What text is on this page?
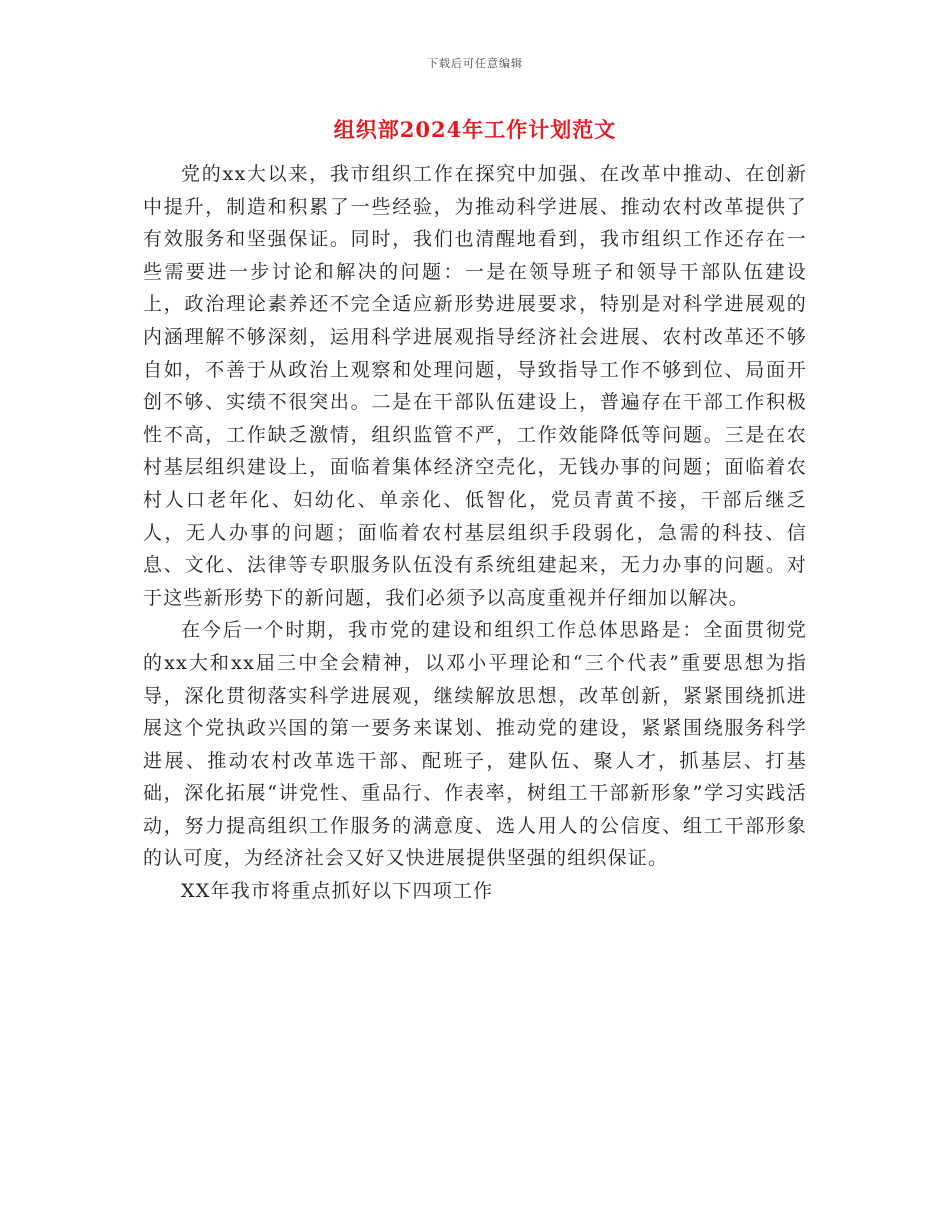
下载后可任意编辑
组织部2024年工作计划范文

党的xx大以来，我市组织工作在探究中加强、在改革中推动、在创新中提升，制造和积累了一些经验，为推动科学进展、推动农村改革提供了有效服务和坚强保证。同时，我们也清醒地看到，我市组织工作还存在一些需要进一步讨论和解决的问题：一是在领导班子和领导干部队伍建设上，政治理论素养还不完全适应新形势进展要求，特别是对科学进展观的内涵理解不够深刻，运用科学进展观指导经济社会进展、农村改革还不够自如，不善于从政治上观察和处理问题，导致指导工作不够到位、局面开创不够、实绩不很突出。二是在干部队伍建设上，普遍存在干部工作积极性不高，工作缺乏激情，组织监管不严，工作效能降低等问题。三是在农村基层组织建设上，面临着集体经济空壳化，无钱办事的问题；面临着农村人口老年化、妇幼化、单亲化、低智化，党员青黄不接，干部后继乏人，无人办事的问题；面临着农村基层组织手段弱化，急需的科技、信息、文化、法律等专职服务队伍没有系统组建起来，无力办事的问题。对于这些新形势下的新问题，我们必须予以高度重视并仔细加以解决。

在今后一个时期，我市党的建设和组织工作总体思路是：全面贯彻党的xx大和xx届三中全会精神，以邓小平理论和“三个代表”重要思想为指导，深化贯彻落实科学进展观，继续解放思想，改革创新，紧紧围绕抓进展这个党执政兴国的第一要务来谋划、推动党的建设，紧紧围绕服务科学进展、推动农村改革选干部、配班子，建队伍、聚人才，抓基层、打基础，深化拓展“讲党性、重品行、作表率，树组工干部新形象”学习实践活动，努力提高组织工作服务的满意度、选人用人的公信度、组工干部形象的认可度，为经济社会又好又快进展提供坚强的组织保证。

XX年我市将重点抓好以下四项工作
